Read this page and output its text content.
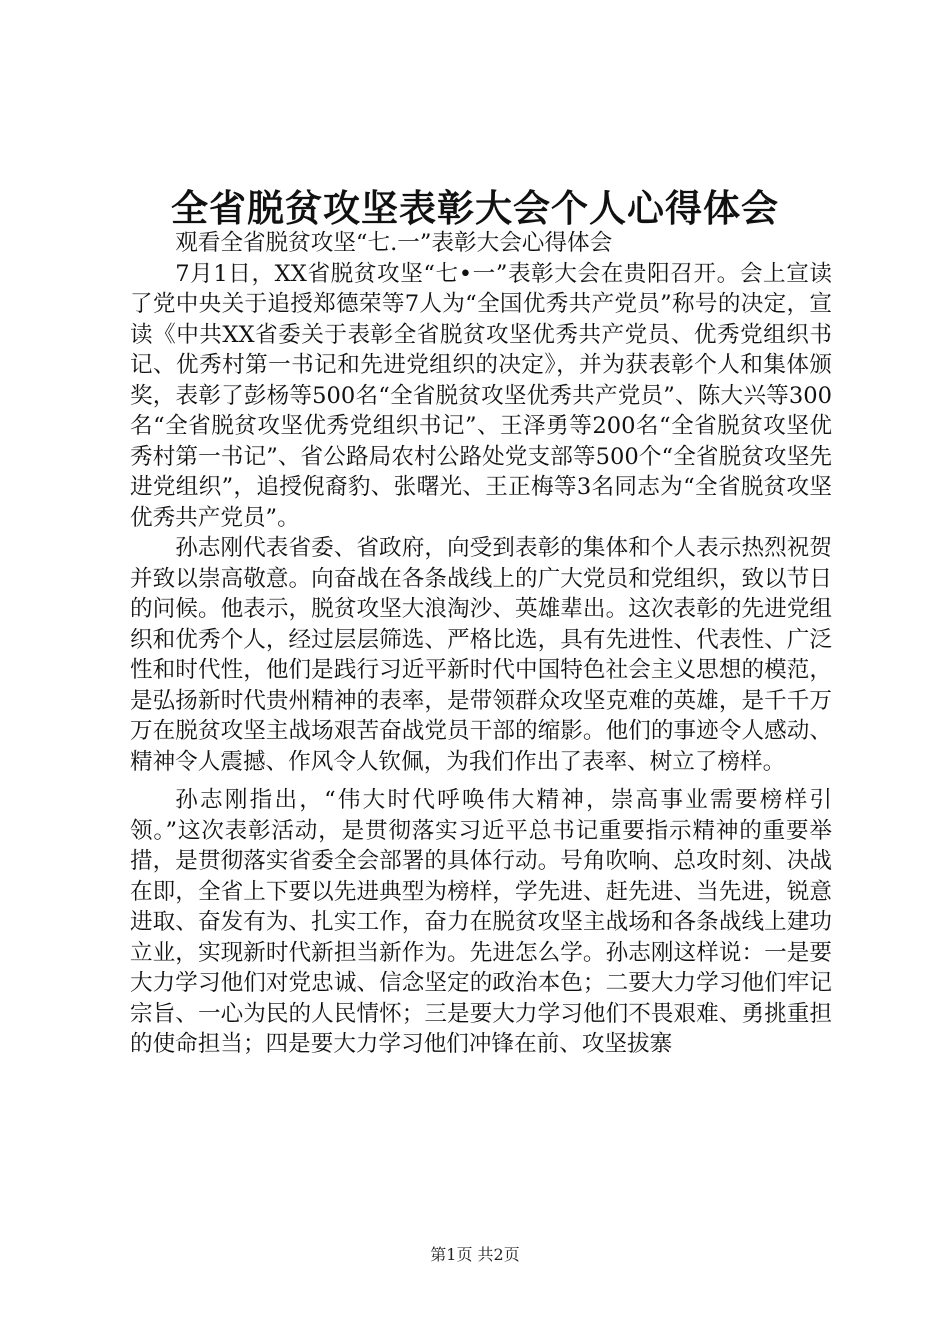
全省脱贫攻坚表彰大会个人心得体会

观看全省脱贫攻坚“七.一”表彰大会心得体会

7月1日，XX省脱贫攻坚“七•一”表彰大会在贵阳召开。会上宣读了党中央关于追授郑德荣等7人为“全国优秀共产党员”称号的决定，宣读《中共XX省委关于表彰全省脱贫攻坚优秀共产党员、优秀党组织书记、优秀村第一书记和先进党组织的决定》，并为获表彰个人和集体颁奖，表彰了彭杨等500名“全省脱贫攻坚优秀共产党员”、陈大兴等300名“全省脱贫攻坚优秀党组织书记”、王泽勇等200名“全省脱贫攻坚优秀村第一书记”、省公路局农村公路处党支部等500个“全省脱贫攻坚先进党组织”，追授倪裔豹、张曙光、王正梅等3名同志为“全省脱贫攻坚优秀共产党员”。

孙志刚代表省委、省政府，向受到表彰的集体和个人表示热烈祝贺并致以崇高敬意。向奋战在各条战线上的广大党员和党组织，致以节日的问候。他表示，脱贫攻坚大浪淘沙、英雄辈出。这次表彰的先进党组织和优秀个人，经过层层筛选、严格比选，具有先进性、代表性、广泛性和时代性，他们是践行习近平新时代中国特色社会主义思想的模范，是弘扬新时代贵州精神的表率，是带领群众攻坚克难的英雄，是千千万万在脱贫攻坚主战场艰苦奋战党员干部的缩影。他们的事迹令人感动、精神令人震撼、作风令人钦佩，为我们作出了表率、树立了榜样。

孙志刚指出，“伟大时代呼唤伟大精神，崇高事业需要榜样引领。”这次表彰活动，是贯彻落实习近平总书记重要指示精神的重要举措，是贯彻落实省委全会部署的具体行动。号角吹响、总攻时刻、决战在即，全省上下要以先进典型为榜样，学先进、赶先进、当先进，锐意进取、奋发有为、扎实工作，奋力在脱贫攻坚主战场和各条战线上建功立业，实现新时代新担当新作为。先进怎么学。孙志刚这样说：一是要大力学习他们对党忠诚、信念坚定的政治本色；二要大力学习他们牢记宗旨、一心为民的人民情怀；三是要大力学习他们不畏艰难、勇挑重担的使命担当；四是要大力学习他们冲锋在前、攻坚拔寨

第1页 共2页
